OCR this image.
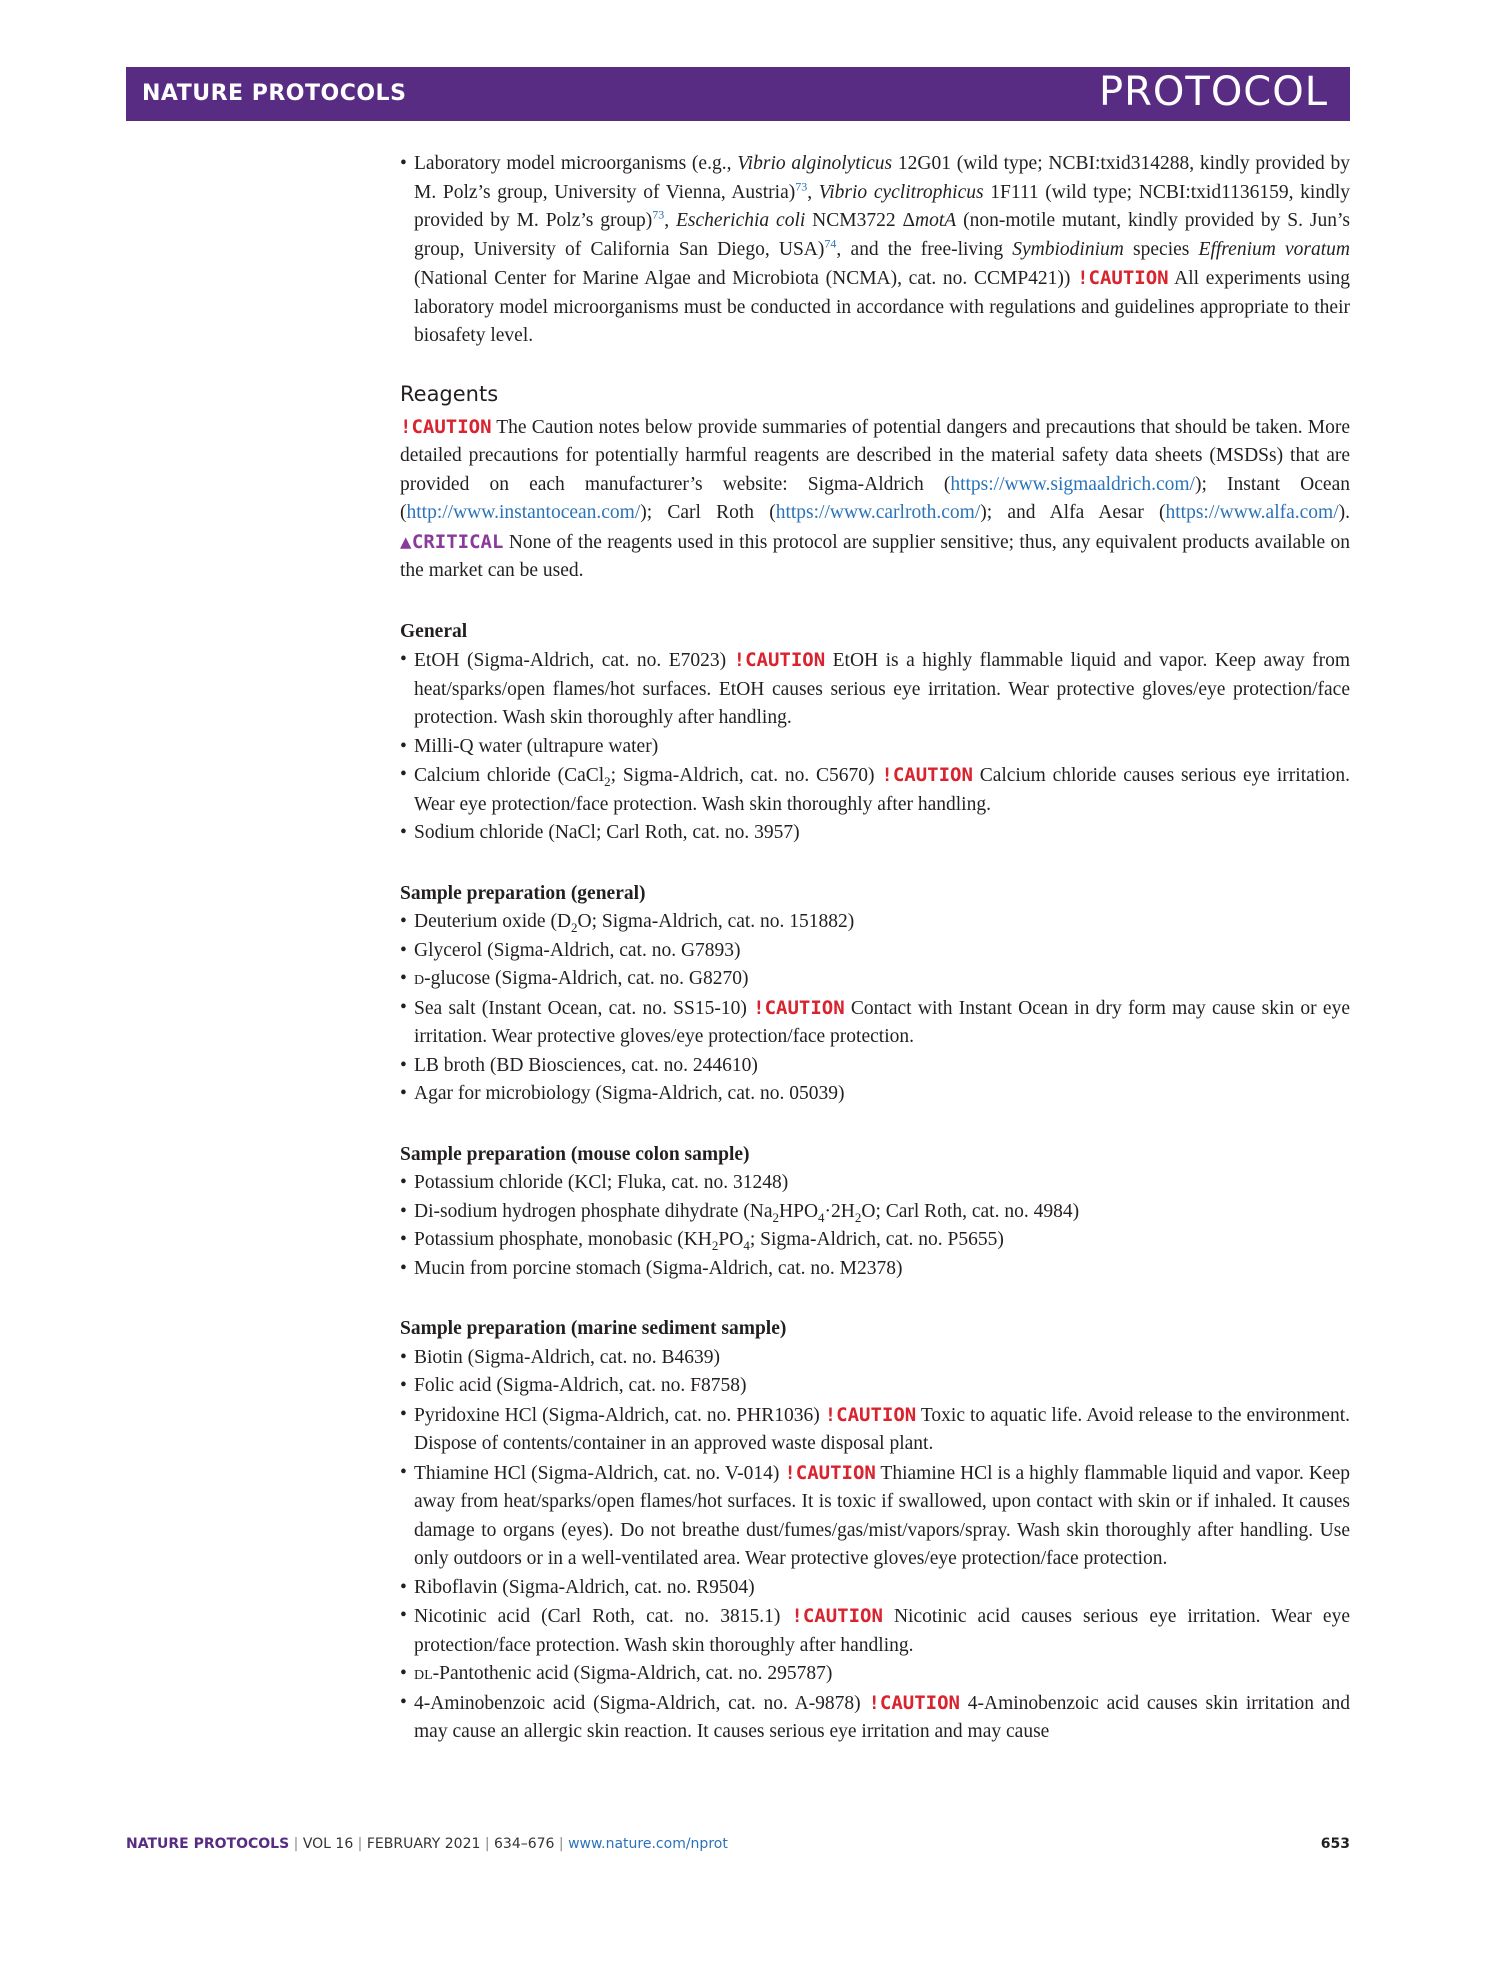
NATURE PROTOCOLS	PROTOCOL
• Laboratory model microorganisms (e.g., Vibrio alginolyticus 12G01 (wild type; NCBI:txid314288, kindly provided by M. Polz’s group, University of Vienna, Austria)$^{73}$, Vibrio cyclitrophicus 1F111 (wild type; NCBI:txid1136159, kindly provided by M. Polz’s group)$^{73}$, Escherichia coli NCM3722 ΔmotA (non-motile mutant, kindly provided by S. Jun’s group, University of California San Diego, USA)$^{74}$, and the free-living Symbiodinium species Effrenium voratum (National Center for Marine Algae and Microbiota (NCMA), cat. no. CCMP421)) !CAUTION All experiments using laboratory model microorganisms must be conducted in accordance with regulations and guidelines appropriate to their biosafety level.
Reagents
!CAUTION The Caution notes below provide summaries of potential dangers and precautions that should be taken. More detailed precautions for potentially harmful reagents are described in the material safety data sheets (MSDSs) that are provided on each manufacturer’s website: Sigma-Aldrich (https://www.sigmaaldrich.com/); Instant Ocean (http://www.instantocean.com/); Carl Roth (https://www.carlroth.com/); and Alfa Aesar (https://www.alfa.com/). ▲CRITICAL None of the reagents used in this protocol are supplier sensitive; thus, any equivalent products available on the market can be used.
General
• EtOH (Sigma-Aldrich, cat. no. E7023) !CAUTION EtOH is a highly flammable liquid and vapor. Keep away from heat/sparks/open flames/hot surfaces. EtOH causes serious eye irritation. Wear protective gloves/eye protection/face protection. Wash skin thoroughly after handling.
• Milli-Q water (ultrapure water)
• Calcium chloride (CaCl$_2$; Sigma-Aldrich, cat. no. C5670) !CAUTION Calcium chloride causes serious eye irritation. Wear eye protection/face protection. Wash skin thoroughly after handling.
• Sodium chloride (NaCl; Carl Roth, cat. no. 3957)
Sample preparation (general)
• Deuterium oxide ($D_2O$; Sigma-Aldrich, cat. no. 151882)
• Glycerol (Sigma-Aldrich, cat. no. G7893)
• d-glucose (Sigma-Aldrich, cat. no. G8270)
• Sea salt (Instant Ocean, cat. no. SS15-10) !CAUTION Contact with Instant Ocean in dry form may cause skin or eye irritation. Wear protective gloves/eye protection/face protection.
• LB broth (BD Biosciences, cat. no. 244610)
• Agar for microbiology (Sigma-Aldrich, cat. no. 05039)
Sample preparation (mouse colon sample)
• Potassium chloride (KCl; Fluka, cat. no. 31248)
• Di-sodium hydrogen phosphate dihydrate ($Na_2HPO_4\cdot 2H_2O$; Carl Roth, cat. no. 4984)
• Potassium phosphate, monobasic ($KH_2PO_4$; Sigma-Aldrich, cat. no. P5655)
• Mucin from porcine stomach (Sigma-Aldrich, cat. no. M2378)
Sample preparation (marine sediment sample)
• Biotin (Sigma-Aldrich, cat. no. B4639)
• Folic acid (Sigma-Aldrich, cat. no. F8758)
• Pyridoxine HCl (Sigma-Aldrich, cat. no. PHR1036) !CAUTION Toxic to aquatic life. Avoid release to the environment. Dispose of contents/container in an approved waste disposal plant.
• Thiamine HCl (Sigma-Aldrich, cat. no. V-014) !CAUTION Thiamine HCl is a highly flammable liquid and vapor. Keep away from heat/sparks/open flames/hot surfaces. It is toxic if swallowed, upon contact with skin or if inhaled. It causes damage to organs (eyes). Do not breathe dust/fumes/gas/mist/vapors/spray. Wash skin thoroughly after handling. Use only outdoors or in a well-ventilated area. Wear protective gloves/eye protection/face protection.
• Riboflavin (Sigma-Aldrich, cat. no. R9504)
• Nicotinic acid (Carl Roth, cat. no. 3815.1) !CAUTION Nicotinic acid causes serious eye irritation. Wear eye protection/face protection. Wash skin thoroughly after handling.
• dl-Pantothenic acid (Sigma-Aldrich, cat. no. 295787)
• 4-Aminobenzoic acid (Sigma-Aldrich, cat. no. A-9878) !CAUTION 4-Aminobenzoic acid causes skin irritation and may cause an allergic skin reaction. It causes serious eye irritation and may cause
NATURE PROTOCOLS | VOL 16 | FEBRUARY 2021 | 634–676 | www.nature.com/nprot	653
